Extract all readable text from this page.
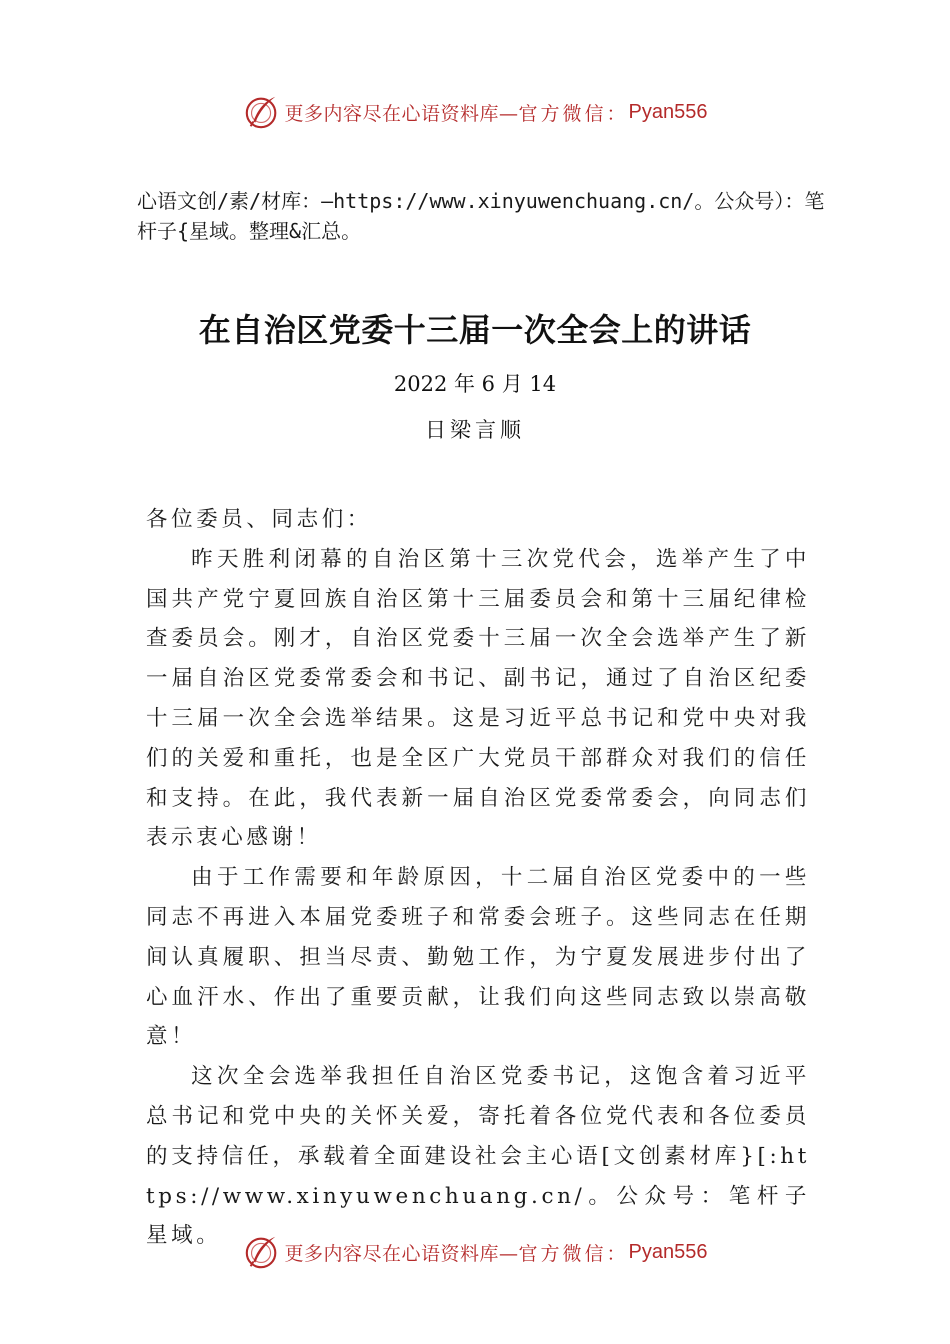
更多内容尽在心语资料库— 官方微信： Pyan556
心语文创/素/材库：—https://www.xinyuwenchuang.cn/。公众号）：笔杆子{星域。整理&汇总。
在自治区党委十三届一次全会上的讲话
2022 年 6 月 14
日梁言顺

各位委员、同志们：

昨天胜利闭幕的自治区第十三次党代会，选举产生了中国共产党宁夏回族自治区第十三届委员会和第十三届纪律检查委员会。刚才，自治区党委十三届一次全会选举产生了新一届自治区党委常委会和书记、副书记，通过了自治区纪委十三届一次全会选举结果。这是习近平总书记和党中央对我们的关爱和重托，也是全区广大党员干部群众对我们的信任和支持。在此，我代表新一届自治区党委常委会，向同志们表示衷心感谢！

由于工作需要和年龄原因，十二届自治区党委中的一些同志不再进入本届党委班子和常委会班子。这些同志在任期间认真履职、担当尽责、勤勉工作，为宁夏发展进步付出了心血汗水、作出了重要贡献，让我们向这些同志致以崇高敬意！

这次全会选举我担任自治区党委书记，这饱含着习近平总书记和党中央的关怀关爱，寄托着各位党代表和各位委员的支持信任，承载着全面建设社会主心语[文创素材库}[:https://www.xinyuwenchuang.cn/。公众号：笔杆子星域。

更多内容尽在心语资料库— 官方微信： Pyan556
